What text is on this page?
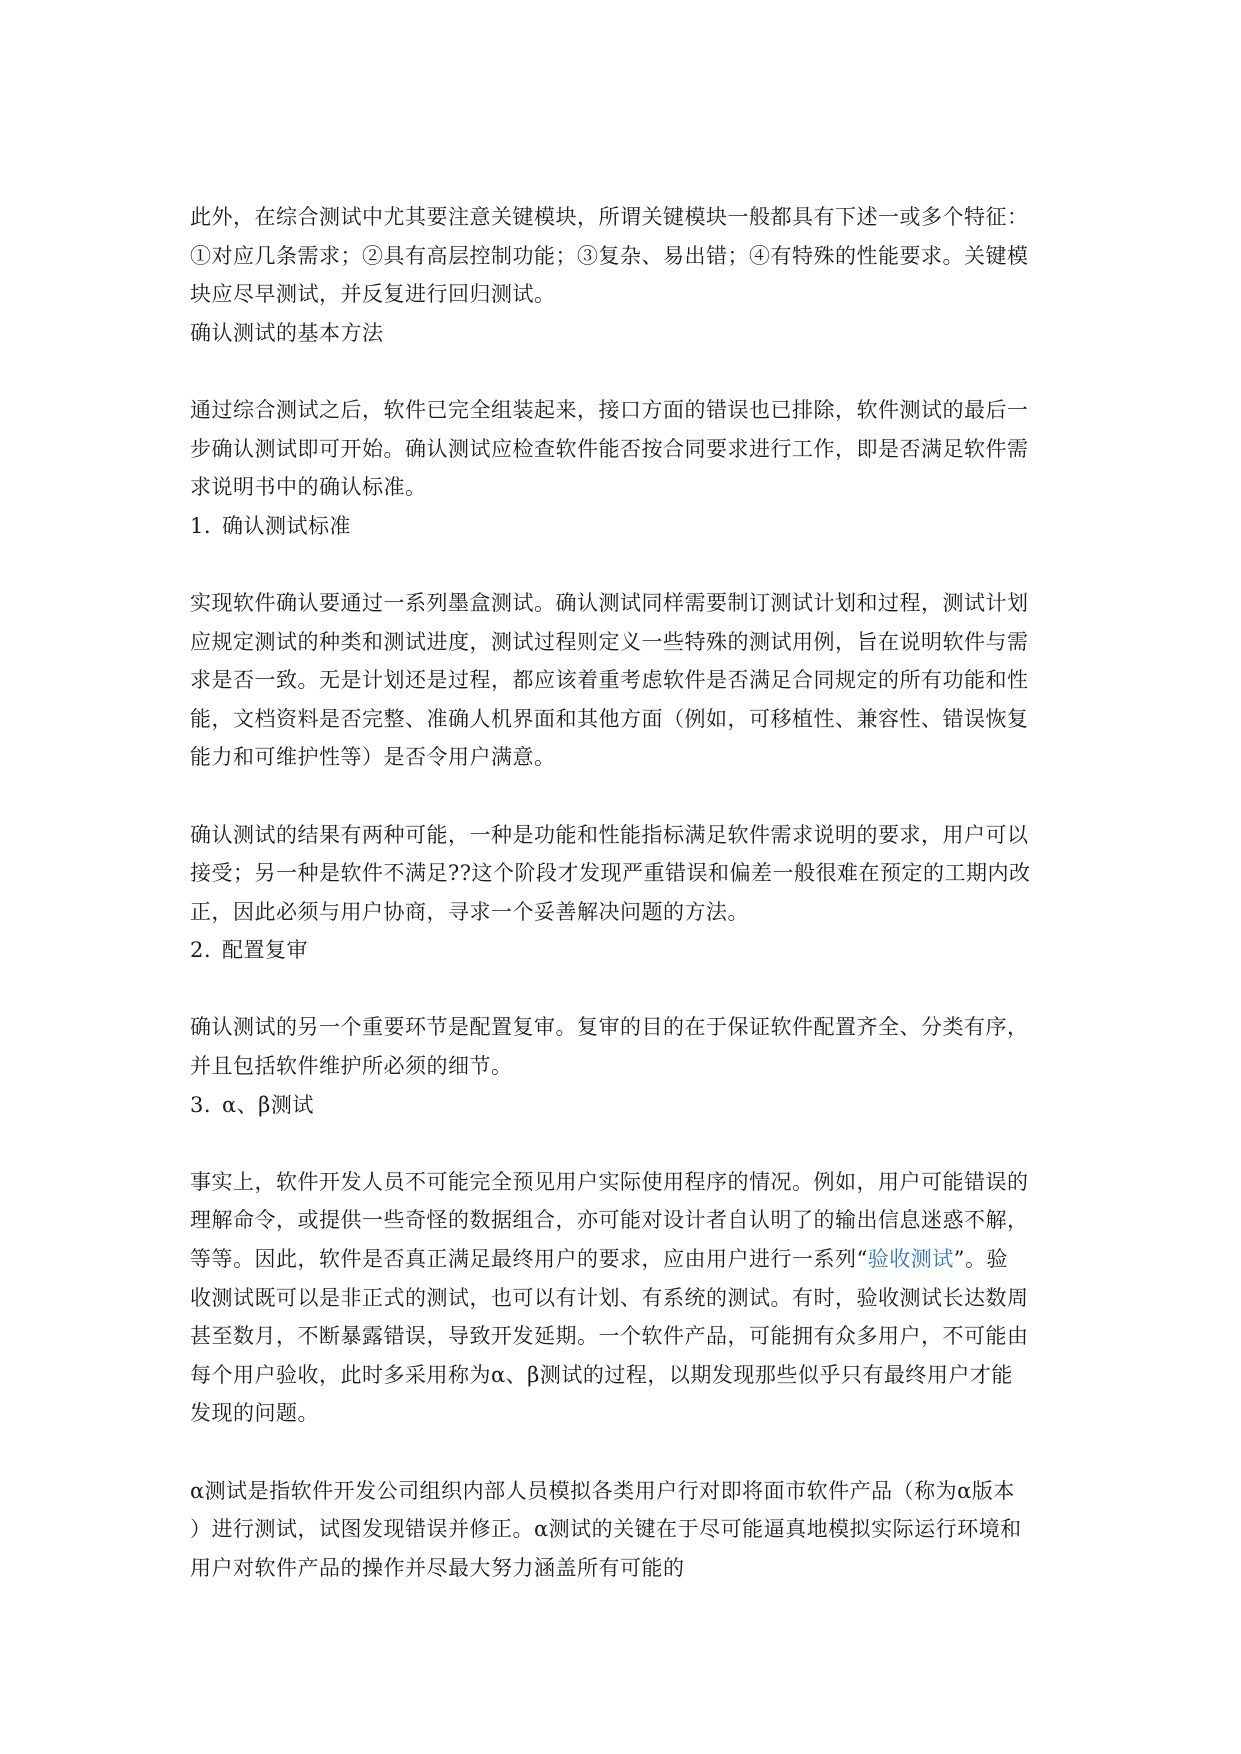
此外，在综合测试中尤其要注意关键模块，所谓关键模块一般都具有下述一或多个特征：

①对应几条需求；②具有高层控制功能；③复杂、易出错；④有特殊的性能要求。关键模

块应尽早测试，并反复进行回归测试。

确认测试的基本方法

通过综合测试之后，软件已完全组装起来，接口方面的错误也已排除，软件测试的最后一

步确认测试即可开始。确认测试应检查软件能否按合同要求进行工作，即是否满足软件需

求说明书中的确认标准。

1. 确认测试标准

实现软件确认要通过一系列墨盒测试。确认测试同样需要制订测试计划和过程，测试计划

应规定测试的种类和测试进度，测试过程则定义一些特殊的测试用例，旨在说明软件与需

求是否一致。无是计划还是过程，都应该着重考虑软件是否满足合同规定的所有功能和性

能，文档资料是否完整、准确人机界面和其他方面（例如，可移植性、兼容性、错误恢复

能力和可维护性等）是否令用户满意。

确认测试的结果有两种可能，一种是功能和性能指标满足软件需求说明的要求，用户可以

接受；另一种是软件不满足??这个阶段才发现严重错误和偏差一般很难在预定的工期内改

正，因此必须与用户协商，寻求一个妥善解决问题的方法。

2. 配置复审

确认测试的另一个重要环节是配置复审。复审的目的在于保证软件配置齐全、分类有序，

并且包括软件维护所必须的细节。

3. α、β测试

事实上，软件开发人员不可能完全预见用户实际使用程序的情况。例如，用户可能错误的

理解命令，或提供一些奇怪的数据组合，亦可能对设计者自认明了的输出信息迷惑不解，

等等。因此，软件是否真正满足最终用户的要求，应由用户进行一系列“验收测试”。验

收测试既可以是非正式的测试，也可以有计划、有系统的测试。有时，验收测试长达数周

甚至数月，不断暴露错误，导致开发延期。一个软件产品，可能拥有众多用户，不可能由

每个用户验收，此时多采用称为α、β测试的过程，以期发现那些似乎只有最终用户才能

发现的问题。

α测试是指软件开发公司组织内部人员模拟各类用户行对即将面市软件产品（称为α版本

）进行测试，试图发现错误并修正。α测试的关键在于尽可能逼真地模拟实际运行环境和

用户对软件产品的操作并尽最大努力涵盖所有可能的
